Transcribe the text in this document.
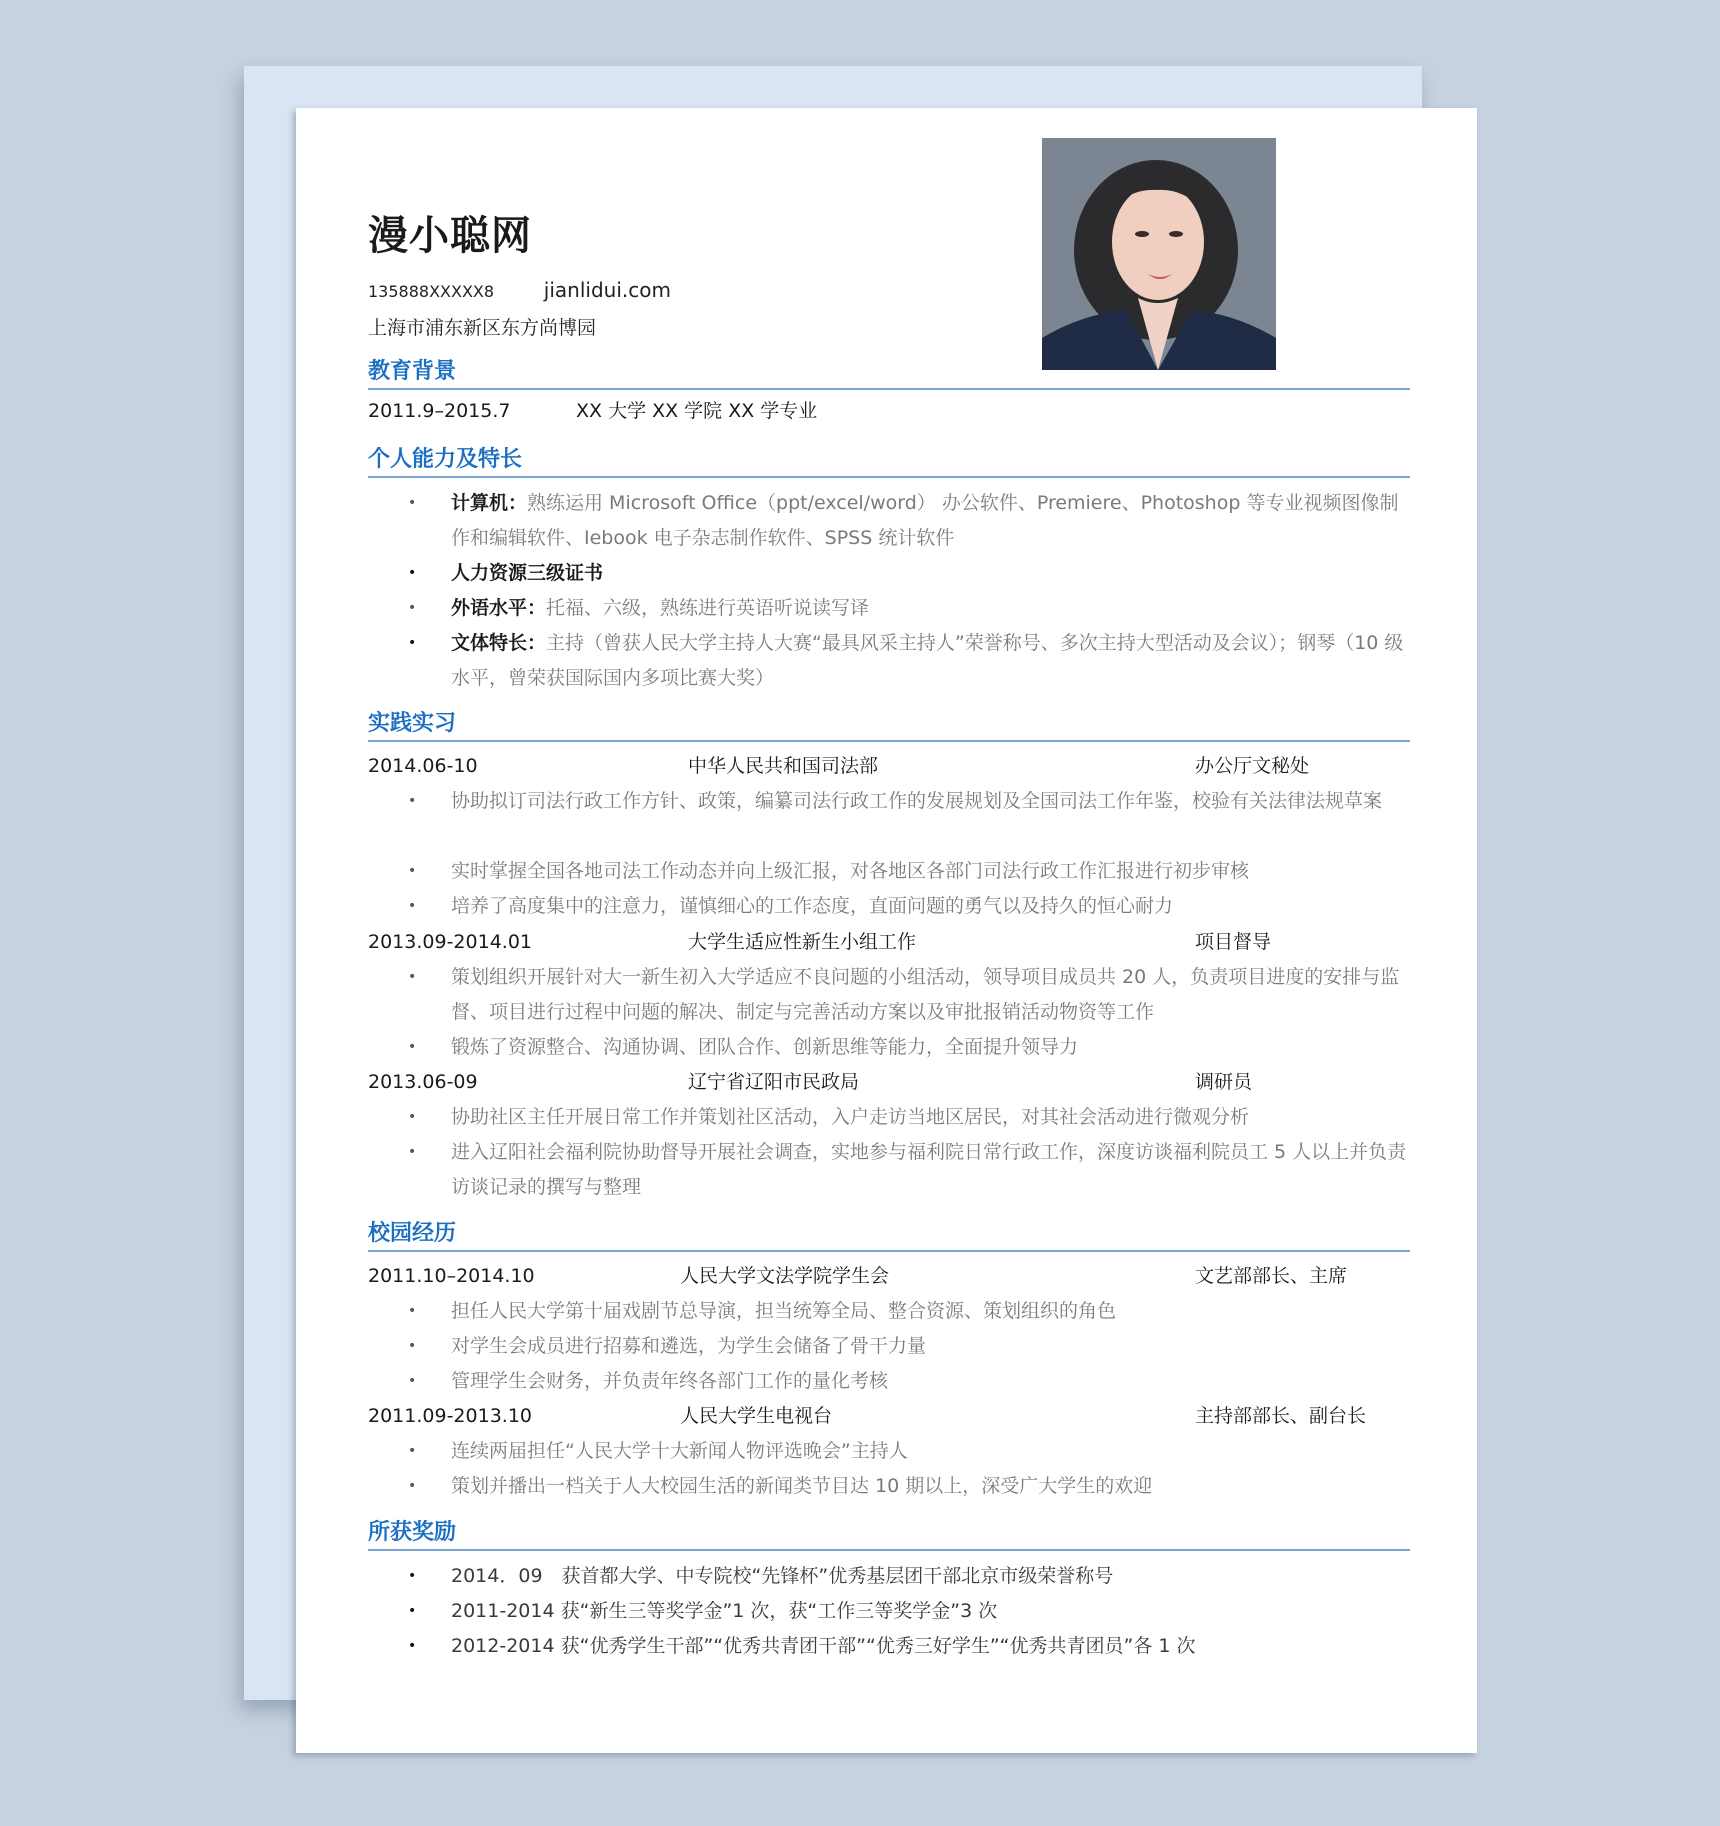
漫小聪网
135888XXXXX8 jianlidui.com
上海市浦东新区东方尚博园
教育背景
2011.9–2015.7	XX 大学 XX 学院 XX 学专业
个人能力及特长
• 计算机：熟练运用 Microsoft Office（ppt/excel/word） 办公软件、Premiere、Photoshop 等专业视频图像制作和编辑软件、Iebook 电子杂志制作软件、SPSS 统计软件
• 人力资源三级证书
• 外语水平：托福、六级，熟练进行英语听说读写译
• 文体特长：主持（曾获人民大学主持人大赛“最具风采主持人”荣誉称号、多次主持大型活动及会议）；钢琴（10 级水平，曾荣获国际国内多项比赛大奖）
实践实习
2014.06-10	中华人民共和国司法部	办公厅文秘处
• 协助拟订司法行政工作方针、政策，编纂司法行政工作的发展规划及全国司法工作年鉴，校验有关法律法规草案
• 实时掌握全国各地司法工作动态并向上级汇报，对各地区各部门司法行政工作汇报进行初步审核
• 培养了高度集中的注意力，谨慎细心的工作态度，直面问题的勇气以及持久的恒心耐力
2013.09-2014.01	大学生适应性新生小组工作	项目督导
• 策划组织开展针对大一新生初入大学适应不良问题的小组活动，领导项目成员共 20 人，负责项目进度的安排与监督、项目进行过程中问题的解决、制定与完善活动方案以及审批报销活动物资等工作
• 锻炼了资源整合、沟通协调、团队合作、创新思维等能力，全面提升领导力
2013.06-09	辽宁省辽阳市民政局	调研员
• 协助社区主任开展日常工作并策划社区活动，入户走访当地区居民，对其社会活动进行微观分析
• 进入辽阳社会福利院协助督导开展社会调查，实地参与福利院日常行政工作，深度访谈福利院员工 5 人以上并负责访谈记录的撰写与整理
校园经历
2011.10–2014.10	人民大学文法学院学生会	文艺部部长、主席
• 担任人民大学第十届戏剧节总导演，担当统筹全局、整合资源、策划组织的角色
• 对学生会成员进行招募和遴选，为学生会储备了骨干力量
• 管理学生会财务，并负责年终各部门工作的量化考核
2011.09-2013.10	人民大学生电视台	主持部部长、副台长
• 连续两届担任“人民大学十大新闻人物评选晚会”主持人
• 策划并播出一档关于人大校园生活的新闻类节目达 10 期以上，深受广大学生的欢迎
所获奖励
• 2014．09　获首都大学、中专院校“先锋杯”优秀基层团干部北京市级荣誉称号
• 2011-2014 获“新生三等奖学金”1 次，获“工作三等奖学金”3 次
• 2012-2014 获“优秀学生干部”“优秀共青团干部”“优秀三好学生”“优秀共青团员”各 1 次
